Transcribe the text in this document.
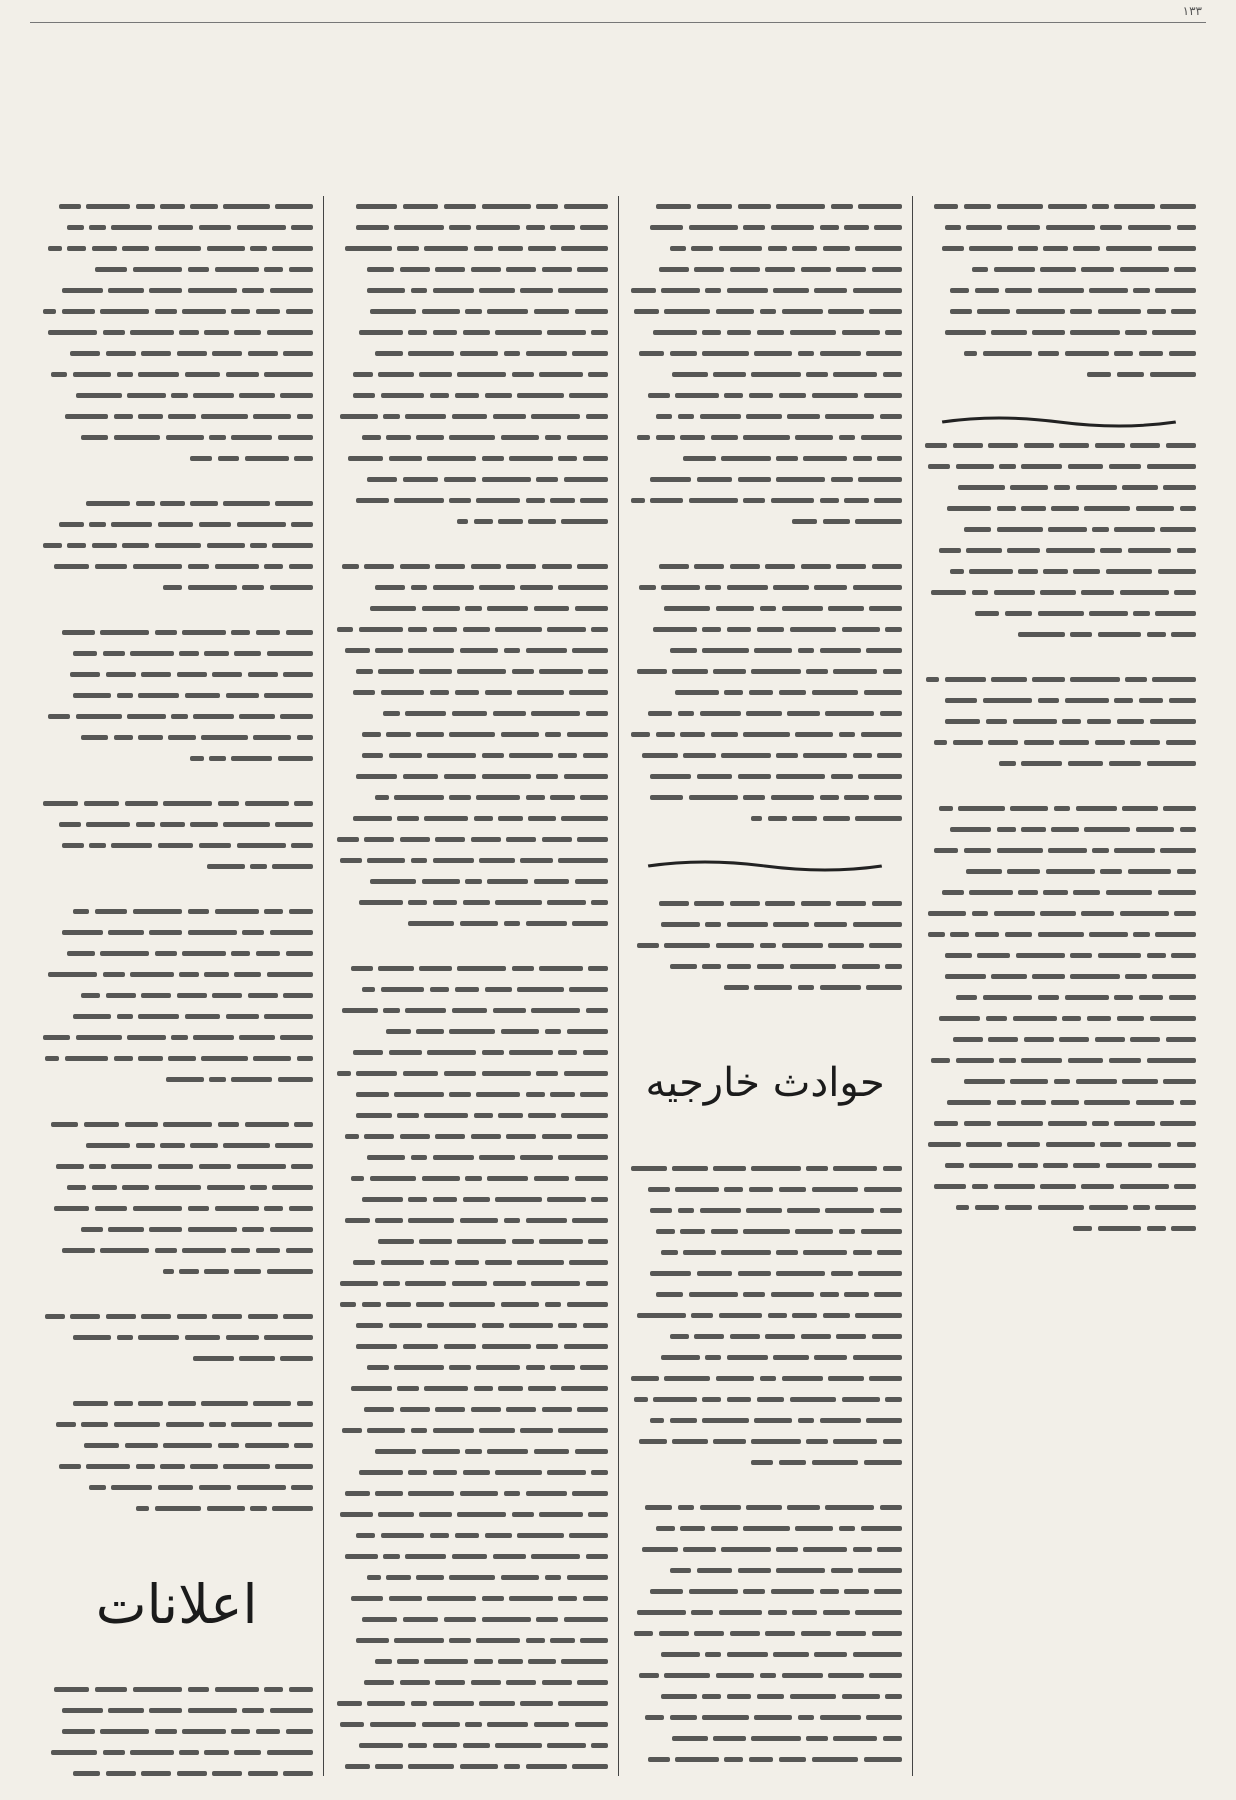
۱۳۳
حوادث خارجیه
اعلانات
